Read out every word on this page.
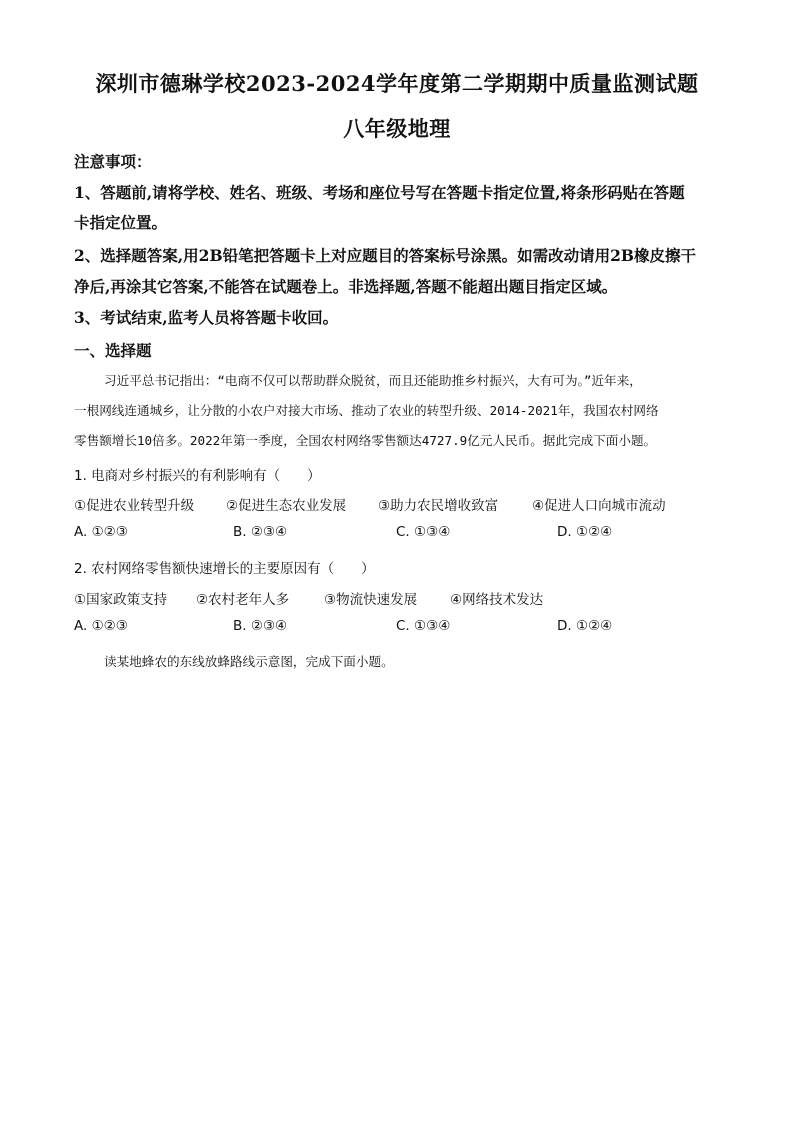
深圳市德琳学校2023-2024学年度第二学期期中质量监测试题
八年级地理
注意事项：
1、答题前,请将学校、姓名、班级、考场和座位号写在答题卡指定位置,将条形码贴在答题
卡指定位置。
2、选择题答案,用2B铅笔把答题卡上对应题目的答案标号涂黑。如需改动请用2B橡皮擦干
净后,再涂其它答案,不能答在试题卷上。非选择题,答题不能超出题目指定区域。
3、考试结束,监考人员将答题卡收回。
一、选择题
习近平总书记指出：“电商不仅可以帮助群众脱贫，而且还能助推乡村振兴，大有可为。”近年来，
一根网线连通城乡，让分散的小农户对接大市场、推动了农业的转型升级、2014-2021年，我国农村网络
零售额增长10倍多。2022年第一季度，全国农村网络零售额达4727.9亿元人民币。据此完成下面小题。
1. 电商对乡村振兴的有利影响有（　　）
①促进农业转型升级 ②促进生态农业发展 ③助力农民增收致富	④促进人口向城市流动
A. ①②③	B. ②③④	C. ①③④	D. ①②④
2. 农村网络零售额快速增长的主要原因有（　　）
①国家政策支持 ②农村老年人多	③物流快速发展 ④网络技术发达
A. ①②③	B. ②③④	C. ①③④	D. ①②④
读某地蜂农的东线放蜂路线示意图，完成下面小题。
